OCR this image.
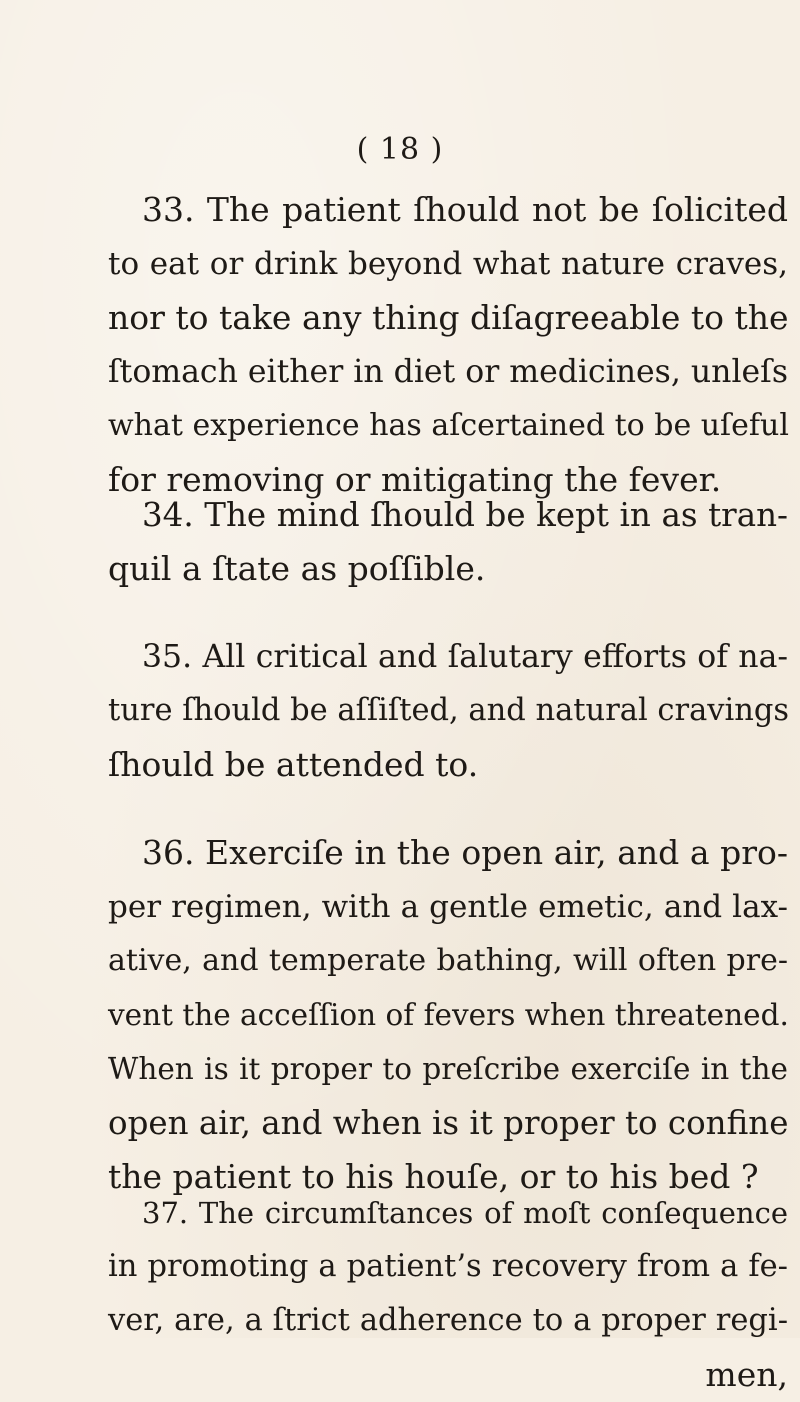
( 18 )
33. The patient ſhould not be ſolicited
to eat or drink beyond what nature craves,
nor to take any thing diſagreeable to the
ſtomach either in diet or medicines, unleſs
what experience has aſcertained to be uſeful
for removing or mitigating the fever.
34. The mind ſhould be kept in as tran-
quil a ſtate as poſſible.
35. All critical and ſalutary efforts of na-
ture ſhould be aſſiſted, and natural cravings
ſhould be attended to.
36. Exerciſe in the open air, and a pro-
per regimen, with a gentle emetic, and lax-
ative, and temperate bathing, will often pre-
vent the acceſſion of fevers when threatened.
When is it proper to preſcribe exerciſe in the
open air, and when is it proper to confine
the patient to his houſe, or to his bed ?
37. The circumſtances of moſt conſequence
in promoting a patient’s recovery from a fe-
ver, are, a ſtrict adherence to a proper regi-
men,
